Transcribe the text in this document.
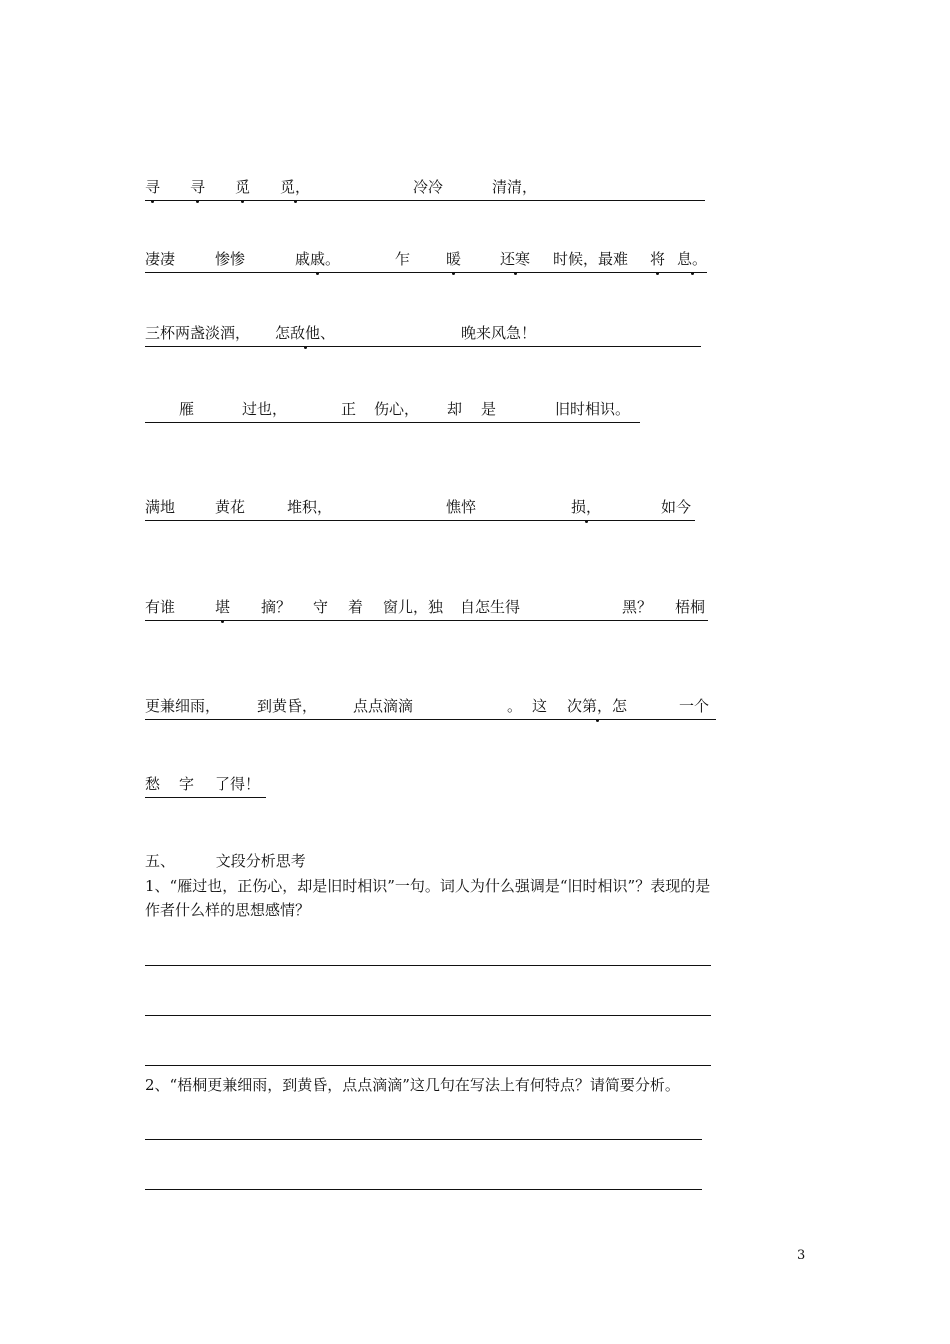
寻 寻 觅 觅，	冷冷	清清，
凄凄	惨惨	戚戚。	乍 暖	还寒 时候，最难 将 息。
三杯两盏淡酒， 怎敌他、	晚来风急！
雁	过也，	正 伤心， 却 是	旧时相识。
满地	黄花	堆积，	憔悴	损，	如今
有谁	堪 摘？ 守 着 窗儿，独 自怎生得	黑？ 梧桐
更兼细雨， 到黄昏， 点点滴滴	。 这 次第，怎	一个
愁 字 了得！
五、	文段分析思考
1、“雁过也，正伤心，却是旧时相识”一句。词人为什么强调是“旧时相识”？表现的是
作者什么样的思想感情？
2、“梧桐更兼细雨，到黄昏，点点滴滴”这几句在写法上有何特点？请简要分析。
3
